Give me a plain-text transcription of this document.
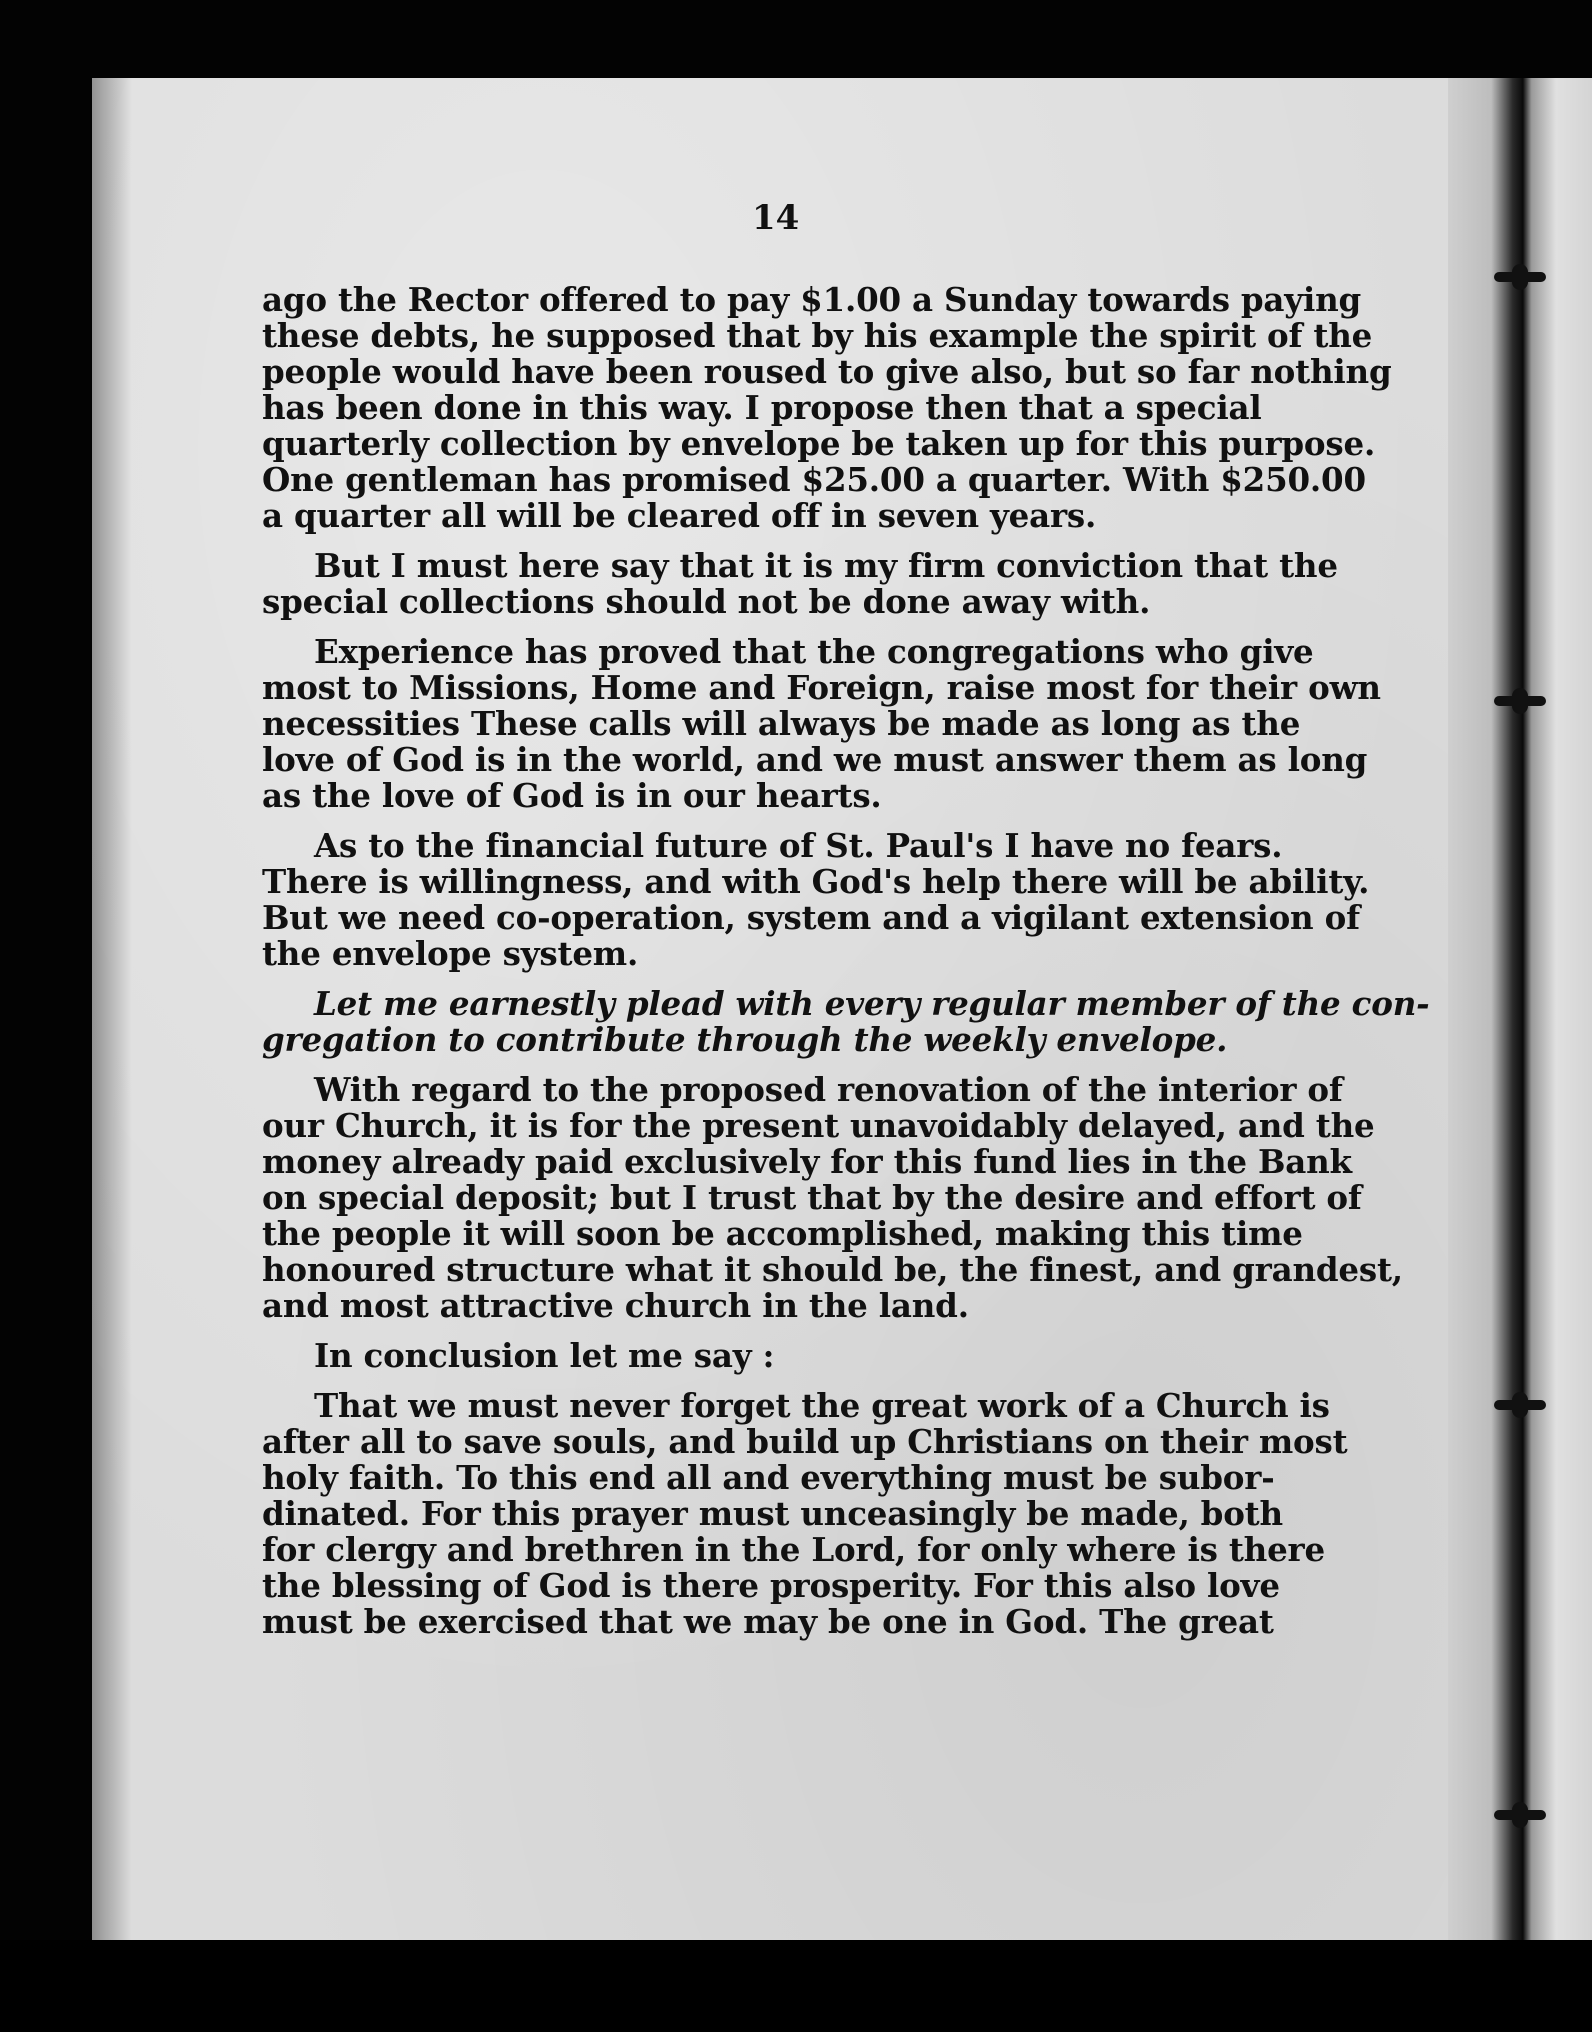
14
ago the Rector offered to pay $1.00 a Sunday towards paying
these debts, he supposed that by his example the spirit of the
people would have been roused to give also, but so far nothing
has been done in this way. I propose then that a special
quarterly collection by envelope be taken up for this purpose.
One gentleman has promised $25.00 a quarter. With $250.00
a quarter all will be cleared off in seven years.
But I must here say that it is my firm conviction that the
special collections should not be done away with.
Experience has proved that the congregations who give
most to Missions, Home and Foreign, raise most for their own
necessities These calls will always be made as long as the
love of God is in the world, and we must answer them as long
as the love of God is in our hearts.
As to the financial future of St. Paul's I have no fears.
There is willingness, and with God's help there will be ability.
But we need co-operation, system and a vigilant extension of
the envelope system.
Let me earnestly plead with every regular member of the con-
gregation to contribute through the weekly envelope.
With regard to the proposed renovation of the interior of
our Church, it is for the present unavoidably delayed, and the
money already paid exclusively for this fund lies in the Bank
on special deposit; but I trust that by the desire and effort of
the people it will soon be accomplished, making this time
honoured structure what it should be, the finest, and grandest,
and most attractive church in the land.
In conclusion let me say :
That we must never forget the great work of a Church is
after all to save souls, and build up Christians on their most
holy faith. To this end all and everything must be subor-
dinated. For this prayer must unceasingly be made, both
for clergy and brethren in the Lord, for only where is there
the blessing of God is there prosperity. For this also love
must be exercised that we may be one in God. The great
